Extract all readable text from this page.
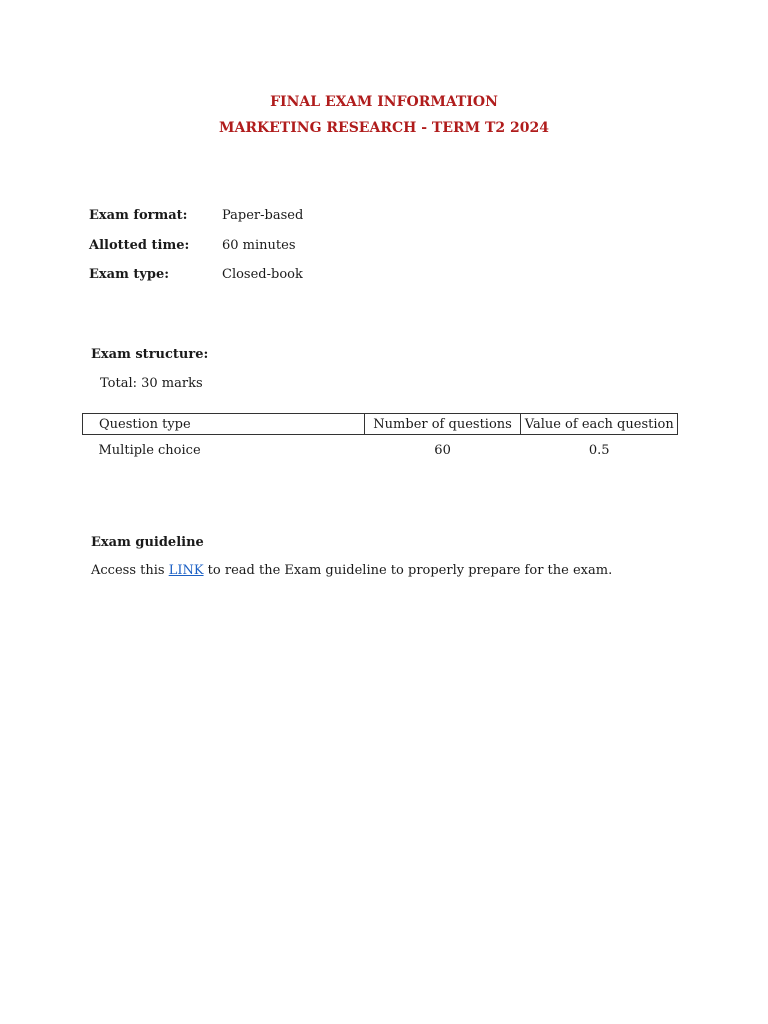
FINAL EXAM INFORMATION
MARKETING RESEARCH - TERM T2 2024
Exam format:	Paper-based
Allotted time:	60 minutes
Exam type:	Closed-book
Exam structure:
Total: 30 marks
Question type	Number of questions	Value of each question
Multiple choice	60	0.5
Exam guideline
Access this LINK to read the Exam guideline to properly prepare for the exam.
